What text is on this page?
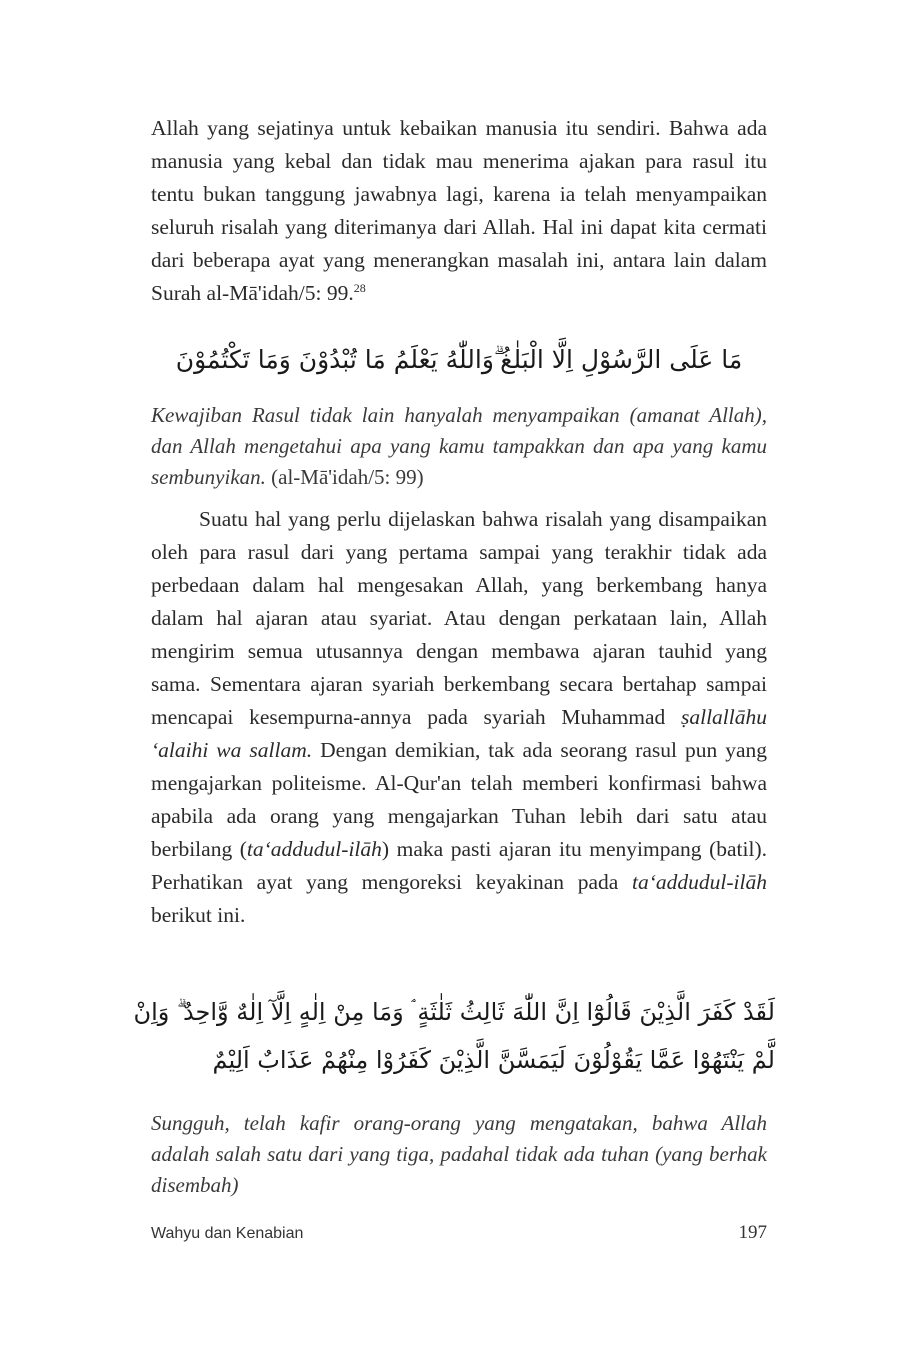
Allah yang sejatinya untuk kebaikan manusia itu sendiri. Bahwa ada manusia yang kebal dan tidak mau menerima ajakan para rasul itu tentu bukan tanggung jawabnya lagi, karena ia telah menyampaikan seluruh risalah yang diterimanya dari Allah. Hal ini dapat kita cermati dari beberapa ayat yang menerangkan masalah ini, antara lain dalam Surah al-Mā'idah/5: 99.28

مَا عَلَى الرَّسُوْلِ اِلَّا الْبَلٰغُ ۗوَاللّٰهُ يَعْلَمُ مَا تُبْدُوْنَ وَمَا تَكْتُمُوْنَ

Kewajiban Rasul tidak lain hanyalah menyampaikan (amanat Allah), dan Allah mengetahui apa yang kamu tampakkan dan apa yang kamu sembunyikan. (al-Mā'idah/5: 99)

Suatu hal yang perlu dijelaskan bahwa risalah yang disampaikan oleh para rasul dari yang pertama sampai yang terakhir tidak ada perbedaan dalam hal mengesakan Allah, yang berkembang hanya dalam hal ajaran atau syariat. Atau dengan perkataan lain, Allah mengirim semua utusannya dengan membawa ajaran tauhid yang sama. Sementara ajaran syariah berkembang secara bertahap sampai mencapai kesempurna-annya pada syariah Muhammad ṣallallāhu ‘alaihi wa sallam. Dengan demikian, tak ada seorang rasul pun yang mengajarkan politeisme. Al-Qur'an telah memberi konfirmasi bahwa apabila ada orang yang mengajarkan Tuhan lebih dari satu atau berbilang (ta‘addudul-ilāh) maka pasti ajaran itu menyimpang (batil). Perhatikan ayat yang mengoreksi keyakinan pada ta‘addudul-ilāh berikut ini.

لَقَدْ كَفَرَ الَّذِيْنَ قَالُوْٓا اِنَّ اللّٰهَ ثَالِثُ ثَلٰثَةٍ ۘ وَمَا مِنْ اِلٰهٍ اِلَّآ اِلٰهٌ وَّاحِدٌ ۗ وَاِنْ
لَّمْ يَنْتَهُوْا عَمَّا يَقُوْلُوْنَ لَيَمَسَّنَّ الَّذِيْنَ كَفَرُوْا مِنْهُمْ عَذَابٌ اَلِيْمٌ

Sungguh, telah kafir orang-orang yang mengatakan, bahwa Allah adalah salah satu dari yang tiga, padahal tidak ada tuhan (yang berhak disembah)

Wahyu dan Kenabian	197
